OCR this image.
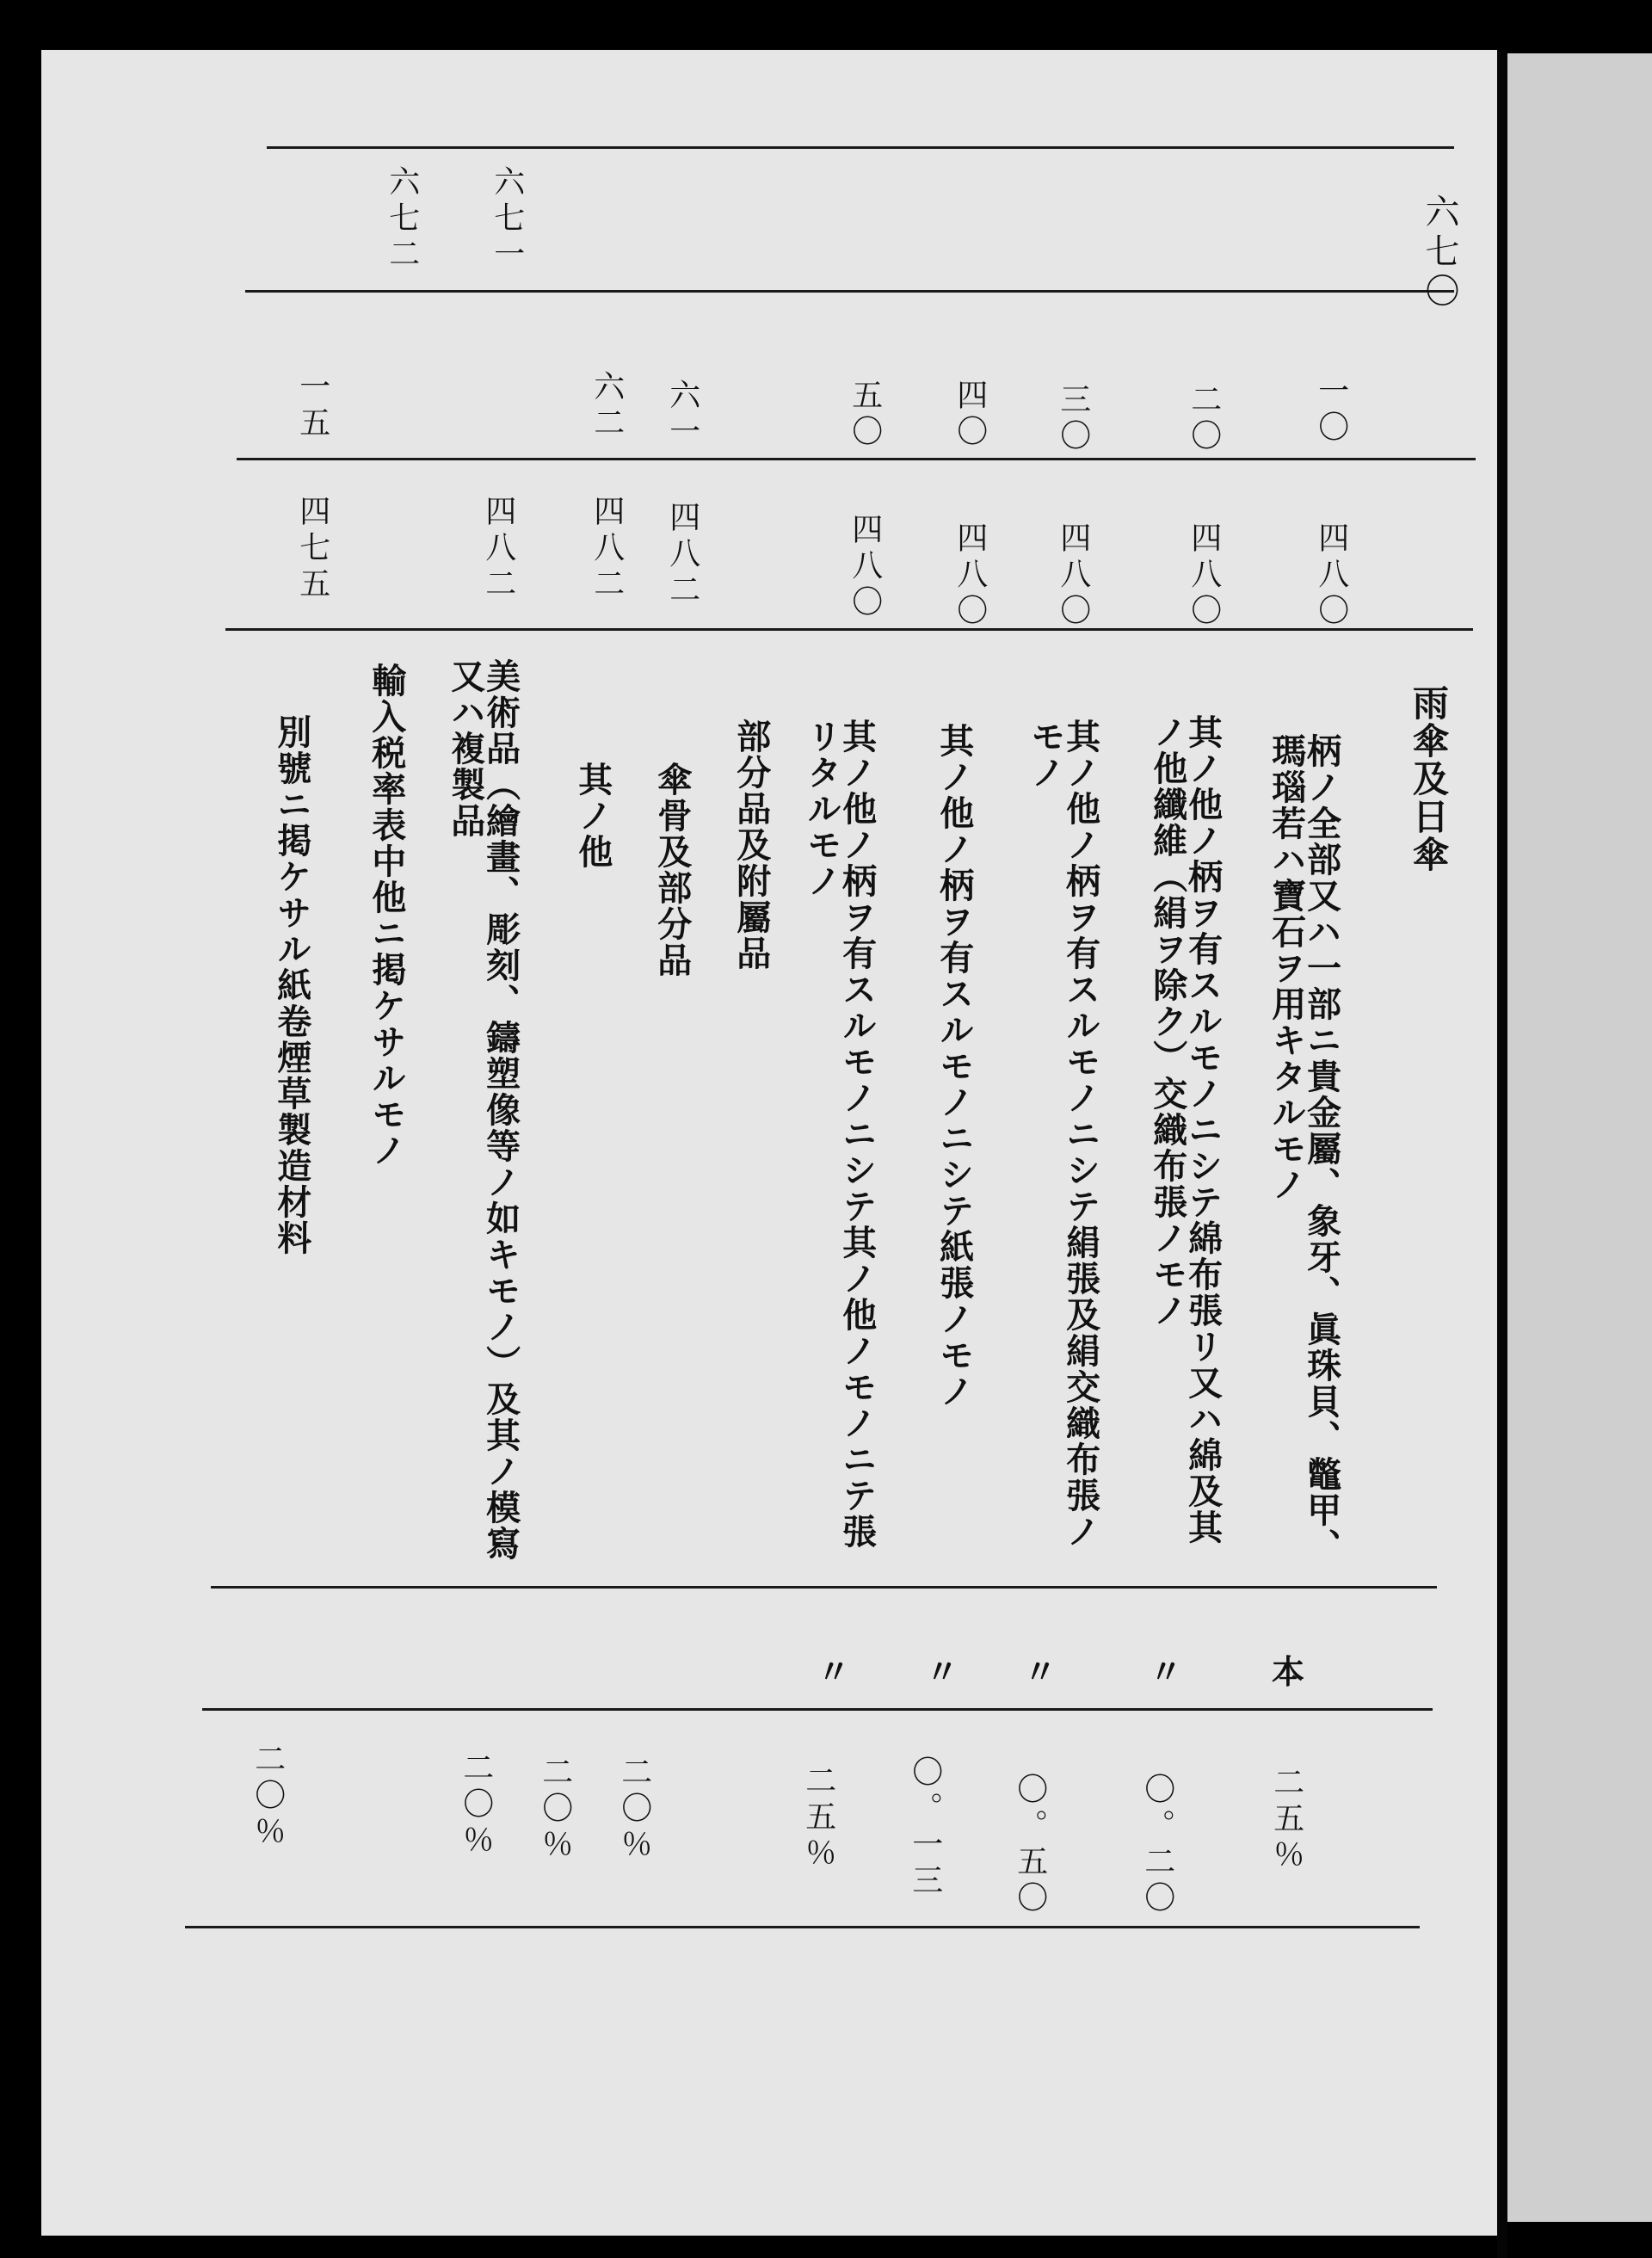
六七〇
六七一
六七二
雨傘及日傘
一〇
四八〇
柄ノ全部又ハ一部ニ貴金屬、象牙、眞珠貝、鼈甲、瑪瑙若ハ寶石ヲ用キタルモノ
本
二五％
二〇
四八〇
其ノ他ノ柄ヲ有スルモノニシテ綿布張リ又ハ綿及其ノ他纖維（絹ヲ除ク）交織布張ノモノ
〃
〇。二〇
三〇
四八〇
其ノ他ノ柄ヲ有スルモノニシテ絹張及絹交織布張ノモノ
〃
〇。五〇
四〇
四八〇
其ノ他ノ柄ヲ有スルモノニシテ紙張ノモノ
〃
〇。一三
五〇
四八〇
其ノ他ノ柄ヲ有スルモノニシテ其ノ他ノモノニテ張リタルモノ
〃
二五％
部分品及附屬品
六一
四八二
傘骨及部分品
二〇％
六二
四八二
其ノ他
二〇％
四八二
美術品（繪畫、彫刻、鑄塑像等ノ如キモノ）及其ノ模寫又ハ複製品
二〇％
輸入税率表中他ニ掲ケサルモノ
一五
四七五
別號ニ掲ケサル紙卷煙草製造材料
二〇％
